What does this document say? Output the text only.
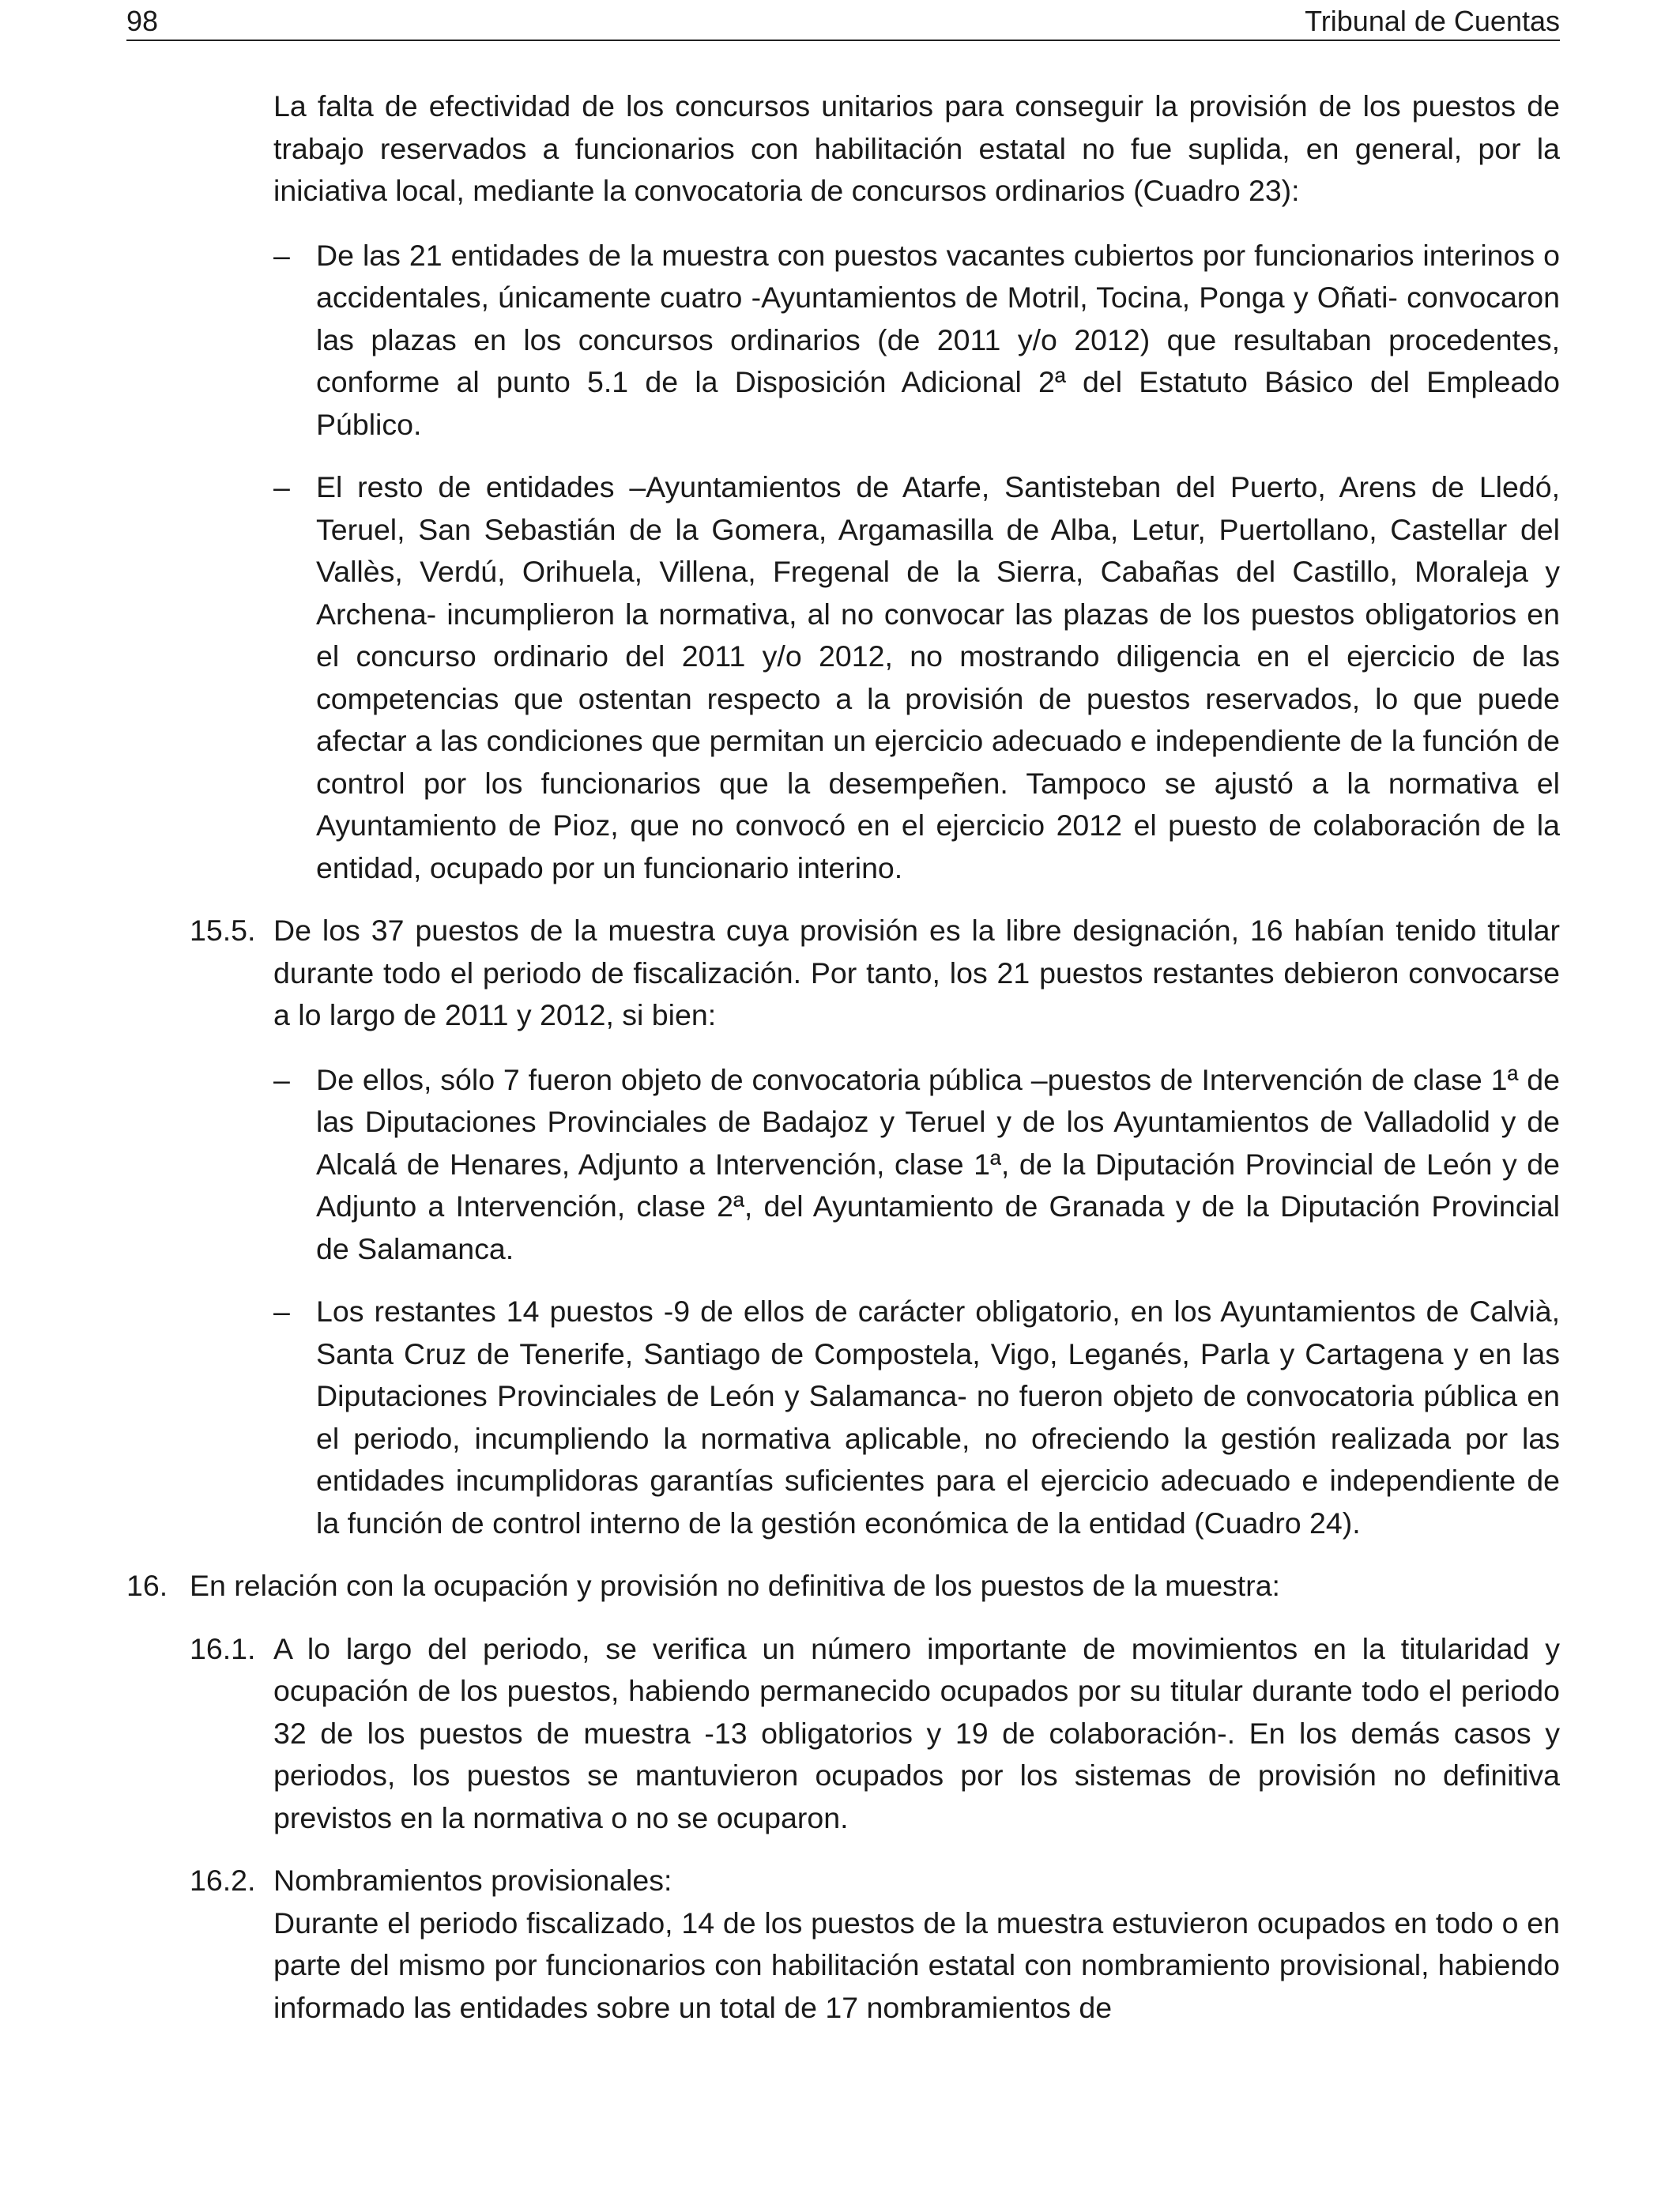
98	Tribunal de Cuentas

La falta de efectividad de los concursos unitarios para conseguir la provisión de los puestos de trabajo reservados a funcionarios con habilitación estatal no fue suplida, en general, por la iniciativa local, mediante la convocatoria de concursos ordinarios (Cuadro 23):

– De las 21 entidades de la muestra con puestos vacantes cubiertos por funcionarios interinos o accidentales, únicamente cuatro -Ayuntamientos de Motril, Tocina, Ponga y Oñati- convocaron las plazas en los concursos ordinarios (de 2011 y/o 2012) que resultaban procedentes, conforme al punto 5.1 de la Disposición Adicional 2ª del Estatuto Básico del Empleado Público.

– El resto de entidades –Ayuntamientos de Atarfe, Santisteban del Puerto, Arens de Lledó, Teruel, San Sebastián de la Gomera, Argamasilla de Alba, Letur, Puertollano, Castellar del Vallès, Verdú, Orihuela, Villena, Fregenal de la Sierra, Cabañas del Castillo, Moraleja y Archena- incumplieron la normativa, al no convocar las plazas de los puestos obligatorios en el concurso ordinario del 2011 y/o 2012, no mostrando diligencia en el ejercicio de las competencias que ostentan respecto a la provisión de puestos reservados, lo que puede afectar a las condiciones que permitan un ejercicio adecuado e independiente de la función de control por los funcionarios que la desempeñen. Tampoco se ajustó a la normativa el Ayuntamiento de Pioz, que no convocó en el ejercicio 2012 el puesto de colaboración de la entidad, ocupado por un funcionario interino.

15.5. De los 37 puestos de la muestra cuya provisión es la libre designación, 16 habían tenido titular durante todo el periodo de fiscalización. Por tanto, los 21 puestos restantes debieron convocarse a lo largo de 2011 y 2012, si bien:

– De ellos, sólo 7 fueron objeto de convocatoria pública –puestos de Intervención de clase 1ª de las Diputaciones Provinciales de Badajoz y Teruel y de los Ayuntamientos de Valladolid y de Alcalá de Henares, Adjunto a Intervención, clase 1ª, de la Diputación Provincial de León y de Adjunto a Intervención, clase 2ª, del Ayuntamiento de Granada y de la Diputación Provincial de Salamanca.

– Los restantes 14 puestos -9 de ellos de carácter obligatorio, en los Ayuntamientos de Calvià, Santa Cruz de Tenerife, Santiago de Compostela, Vigo, Leganés, Parla y Cartagena y en las Diputaciones Provinciales de León y Salamanca- no fueron objeto de convocatoria pública en el periodo, incumpliendo la normativa aplicable, no ofreciendo la gestión realizada por las entidades incumplidoras garantías suficientes para el ejercicio adecuado e independiente de la función de control interno de la gestión económica de la entidad (Cuadro 24).

16. En relación con la ocupación y provisión no definitiva de los puestos de la muestra:

16.1. A lo largo del periodo, se verifica un número importante de movimientos en la titularidad y ocupación de los puestos, habiendo permanecido ocupados por su titular durante todo el periodo 32 de los puestos de muestra -13 obligatorios y 19 de colaboración-. En los demás casos y periodos, los puestos se mantuvieron ocupados por los sistemas de provisión no definitiva previstos en la normativa o no se ocuparon.

16.2. Nombramientos provisionales:

Durante el periodo fiscalizado, 14 de los puestos de la muestra estuvieron ocupados en todo o en parte del mismo por funcionarios con habilitación estatal con nombramiento provisional, habiendo informado las entidades sobre un total de 17 nombramientos de
